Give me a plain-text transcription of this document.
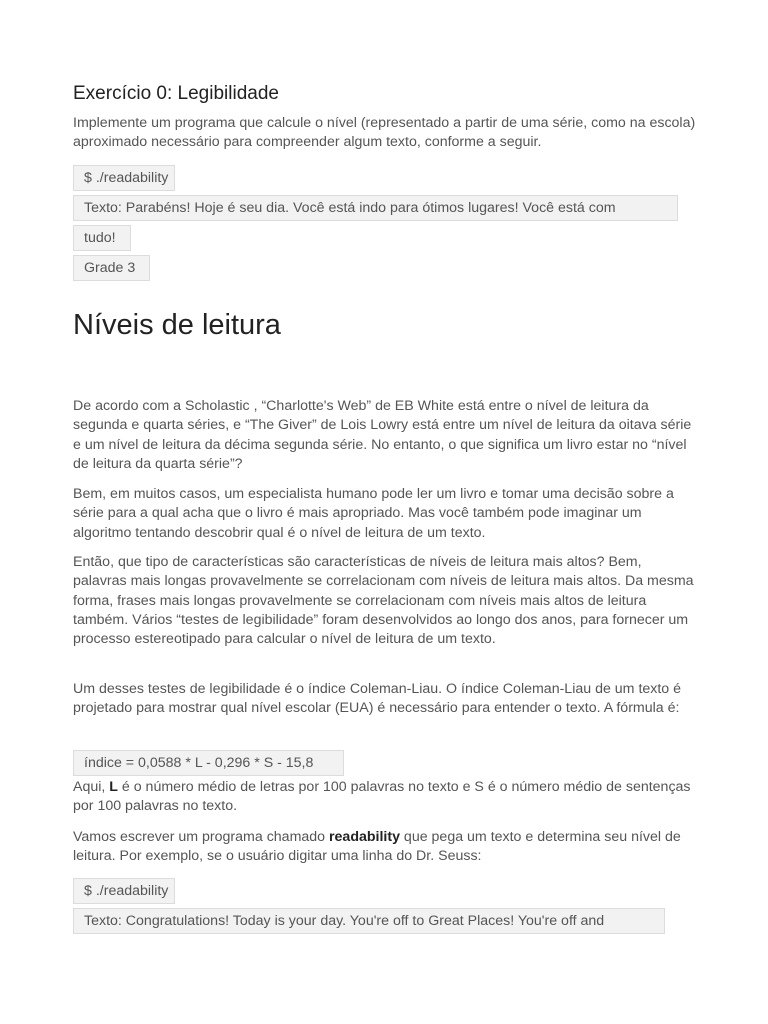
Exercício 0: Legibilidade

Implemente um programa que calcule o nível (representado a partir de uma série, como na escola) aproximado necessário para compreender algum texto, conforme a seguir.

$ ./readability
Texto: Parabéns! Hoje é seu dia. Você está indo para ótimos lugares! Você está com
tudo!
Grade 3
Níveis de leitura

De acordo com a Scholastic , “Charlotte's Web” de EB White está entre o nível de leitura da segunda e quarta séries, e “The Giver” de Lois Lowry está entre um nível de leitura da oitava série e um nível de leitura da décima segunda série. No entanto, o que significa um livro estar no “nível de leitura da quarta série”?

Bem, em muitos casos, um especialista humano pode ler um livro e tomar uma decisão sobre a série para a qual acha que o livro é mais apropriado. Mas você também pode imaginar um algoritmo tentando descobrir qual é o nível de leitura de um texto.

Então, que tipo de características são características de níveis de leitura mais altos? Bem, palavras mais longas provavelmente se correlacionam com níveis de leitura mais altos. Da mesma forma, frases mais longas provavelmente se correlacionam com níveis mais altos de leitura também. Vários “testes de legibilidade” foram desenvolvidos ao longo dos anos, para fornecer um processo estereotipado para calcular o nível de leitura de um texto.

Um desses testes de legibilidade é o índice Coleman-Liau. O índice Coleman-Liau de um texto é projetado para mostrar qual nível escolar (EUA) é necessário para entender o texto. A fórmula é:

índice = 0,0588 * L - 0,296 * S - 15,8

Aqui, L é o número médio de letras por 100 palavras no texto e S é o número médio de sentenças por 100 palavras no texto.

Vamos escrever um programa chamado readability que pega um texto e determina seu nível de leitura. Por exemplo, se o usuário digitar uma linha do Dr. Seuss:

$ ./readability
Texto: Congratulations! Today is your day. You're off to Great Places! You're off and
